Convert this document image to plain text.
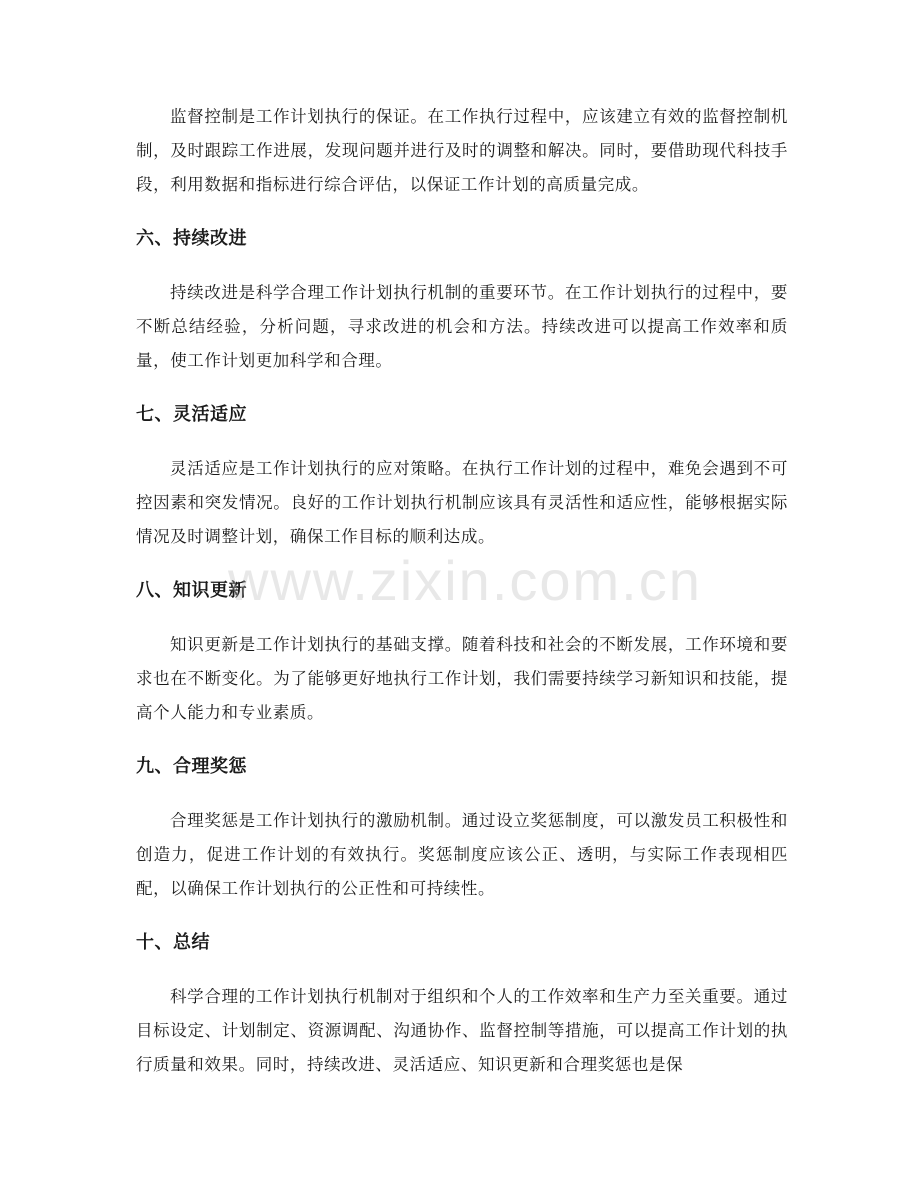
监督控制是工作计划执行的保证。在工作执行过程中，应该建立有效的监督控制机制，及时跟踪工作进展，发现问题并进行及时的调整和解决。同时，要借助现代科技手段，利用数据和指标进行综合评估，以保证工作计划的高质量完成。

六、持续改进

持续改进是科学合理工作计划执行机制的重要环节。在工作计划执行的过程中，要不断总结经验，分析问题，寻求改进的机会和方法。持续改进可以提高工作效率和质量，使工作计划更加科学和合理。

七、灵活适应

灵活适应是工作计划执行的应对策略。在执行工作计划的过程中，难免会遇到不可控因素和突发情况。良好的工作计划执行机制应该具有灵活性和适应性，能够根据实际情况及时调整计划，确保工作目标的顺利达成。

八、知识更新

知识更新是工作计划执行的基础支撑。随着科技和社会的不断发展，工作环境和要求也在不断变化。为了能够更好地执行工作计划，我们需要持续学习新知识和技能，提高个人能力和专业素质。

九、合理奖惩

合理奖惩是工作计划执行的激励机制。通过设立奖惩制度，可以激发员工积极性和创造力，促进工作计划的有效执行。奖惩制度应该公正、透明，与实际工作表现相匹配，以确保工作计划执行的公正性和可持续性。

十、总结

科学合理的工作计划执行机制对于组织和个人的工作效率和生产力至关重要。通过目标设定、计划制定、资源调配、沟通协作、监督控制等措施，可以提高工作计划的执行质量和效果。同时，持续改进、灵活适应、知识更新和合理奖惩也是保

www.zixin.com.cn
